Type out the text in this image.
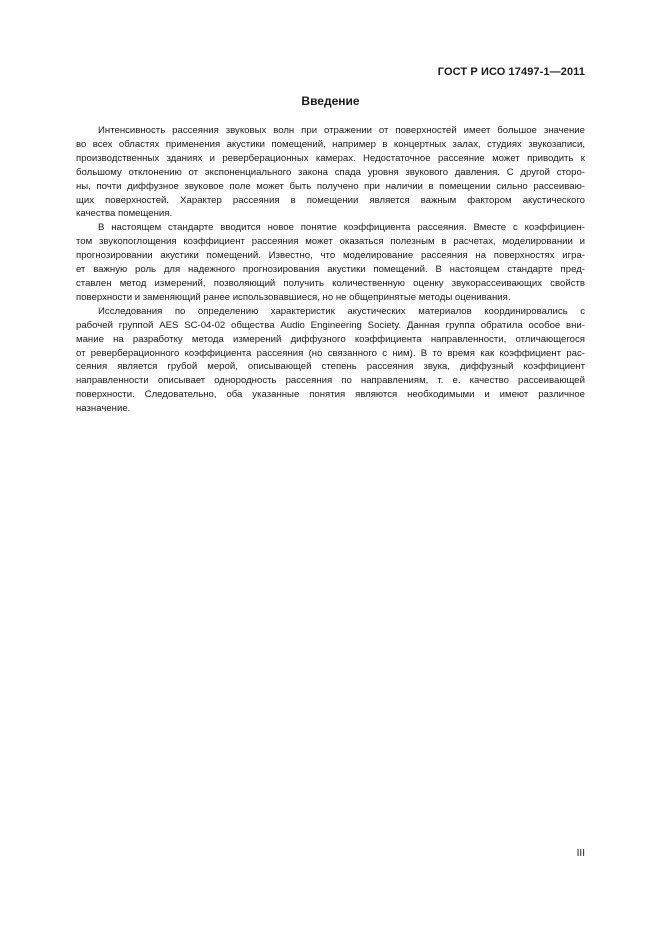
ГОСТ Р ИСО 17497-1—2011
Введение

Интенсивность рассеяния звуковых волн при отражении от поверхностей имеет большое значение
во всех областях применения акустики помещений, например в концертных залах, студиях звукозаписи,
производственных зданиях и реверберационных камерах. Недостаточное рассеяние может приводить к
большому отклонению от экспоненциального закона спада уровня звукового давления. С другой сторо-
ны, почти диффузное звуковое поле может быть получено при наличии в помещении сильно рассеиваю-
щих поверхностей. Характер рассеяния в помещении является важным фактором акустического
качества помещения.

В настоящем стандарте вводится новое понятие коэффициента рассеяния. Вместе с коэффициен-
том звукопоглощения коэффициент рассеяния может оказаться полезным в расчетах, моделировании и
прогнозировании акустики помещений. Известно, что моделирование рассеяния на поверхностях игра-
ет важную роль для надежного прогнозирования акустики помещений. В настоящем стандарте пред-
ставлен метод измерений, позволяющий получить количественную оценку звукорассеивающих свойств
поверхности и заменяющий ранее использовавшиеся, но не общепринятые методы оценивания.

Исследования по определению характеристик акустических материалов координировались с
рабочей группой AES SC-04-02 общества Audio Engineering Society. Данная группа обратила особое вни-
мание на разработку метода измерений диффузного коэффициента направленности, отличающегося
от реверберационного коэффициента рассеяния (но связанного с ним). В то время как коэффициент рас-
сеяния является грубой мерой, описывающей степень рассеяния звука, диффузный коэффициент
направленности описывает однородность рассеяния по направлениям, т. е. качество рассеивающей
поверхности. Следовательно, оба указанные понятия являются необходимыми и имеют различное
назначение.

III
